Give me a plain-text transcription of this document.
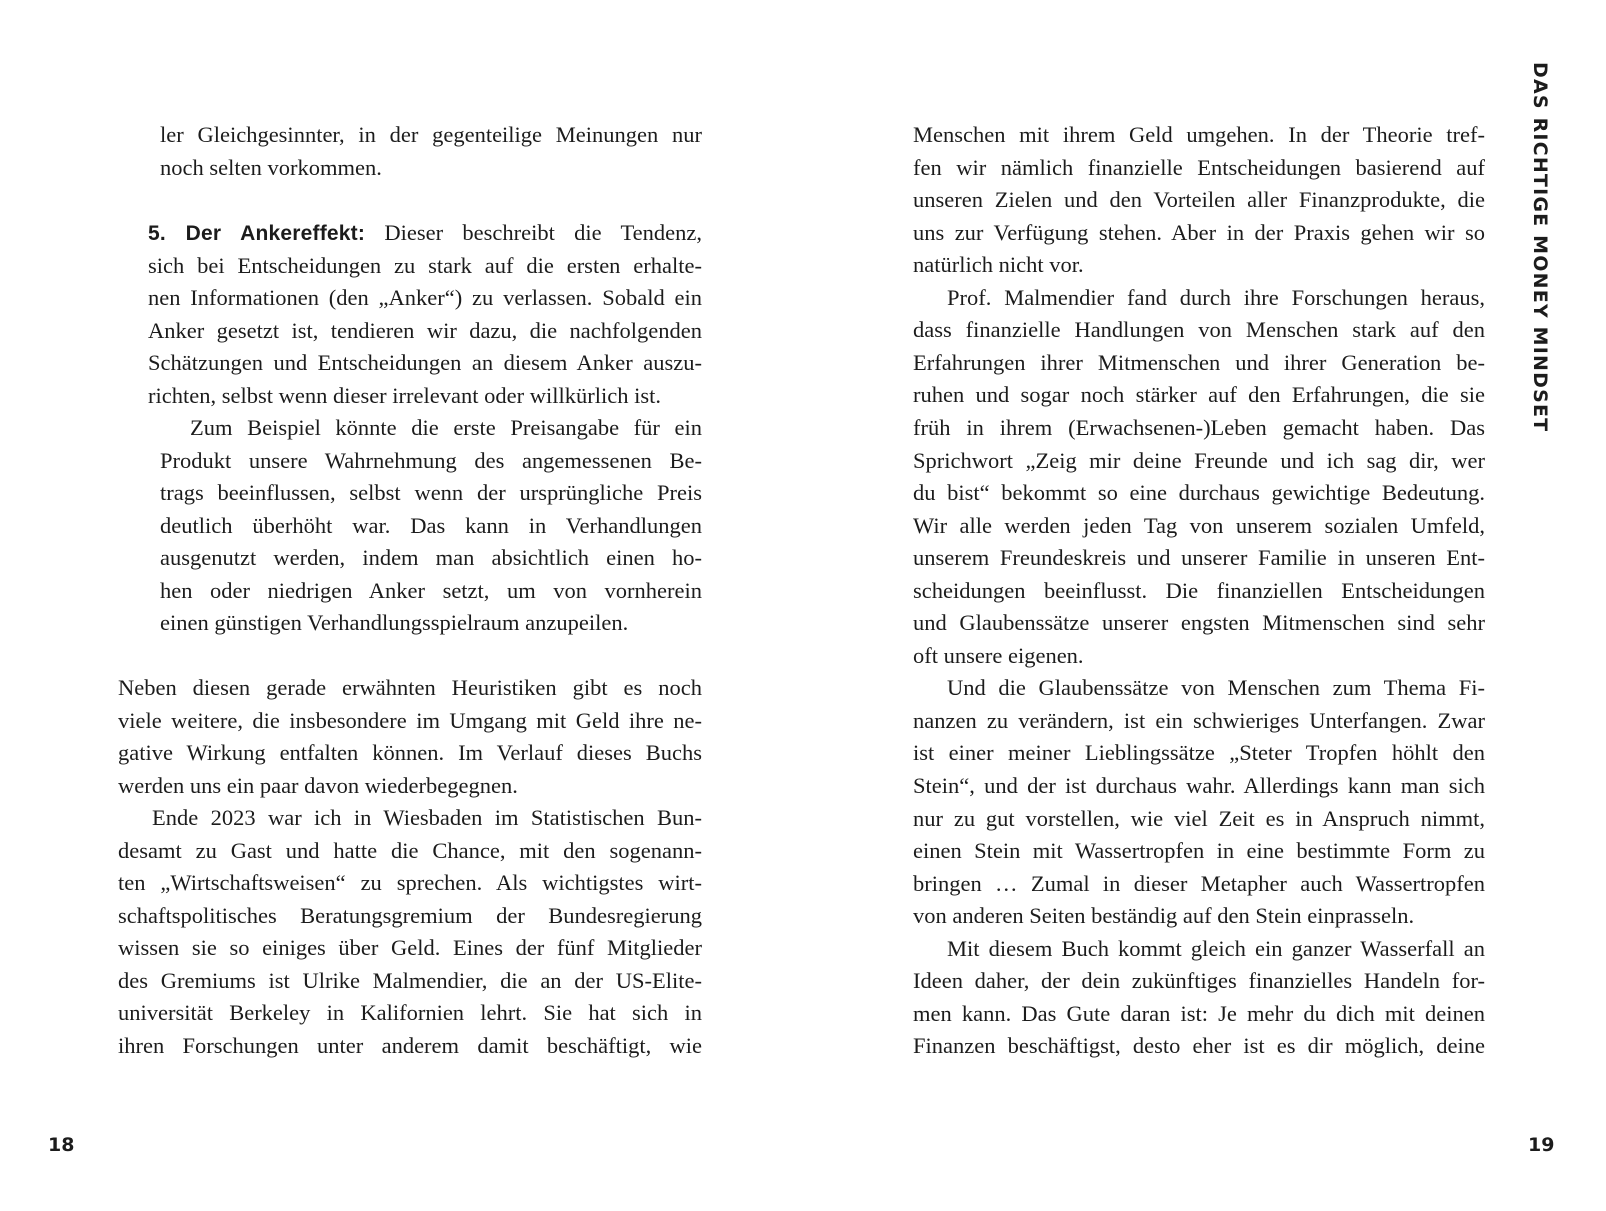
ler Gleichgesinnter, in der gegenteilige Meinungen nur
noch selten vorkommen.
5. Der Ankereffekt: Dieser beschreibt die Tendenz,
sich bei Entscheidungen zu stark auf die ersten erhalte-
nen Informationen (den „Anker“) zu verlassen. Sobald ein
Anker gesetzt ist, tendieren wir dazu, die nachfolgenden
Schätzungen und Entscheidungen an diesem Anker auszu-
richten, selbst wenn dieser irrelevant oder willkürlich ist.
Zum Beispiel könnte die erste Preisangabe für ein
Produkt unsere Wahrnehmung des angemessenen Be-
trags beeinflussen, selbst wenn der ursprüngliche Preis
deutlich überhöht war. Das kann in Verhandlungen
ausgenutzt werden, indem man absichtlich einen ho-
hen oder niedrigen Anker setzt, um von vornherein
einen günstigen Verhandlungsspielraum anzupeilen.
Neben diesen gerade erwähnten Heuristiken gibt es noch
viele weitere, die insbesondere im Umgang mit Geld ihre ne-
gative Wirkung entfalten können. Im Verlauf dieses Buchs
werden uns ein paar davon wiederbegegnen.
Ende 2023 war ich in Wiesbaden im Statistischen Bun-
desamt zu Gast und hatte die Chance, mit den sogenann-
ten „Wirtschaftsweisen“ zu sprechen. Als wichtigstes wirt-
schaftspolitisches Beratungsgremium der Bundesregierung
wissen sie so einiges über Geld. Eines der fünf Mitglieder
des Gremiums ist Ulrike Malmendier, die an der US-Elite-
universität Berkeley in Kalifornien lehrt. Sie hat sich in
ihren Forschungen unter anderem damit beschäftigt, wie
18
DAS RICHTIGE MONEY MINDSET
Menschen mit ihrem Geld umgehen. In der Theorie tref-
fen wir nämlich finanzielle Entscheidungen basierend auf
unseren Zielen und den Vorteilen aller Finanzprodukte, die
uns zur Verfügung stehen. Aber in der Praxis gehen wir so
natürlich nicht vor.
Prof. Malmendier fand durch ihre Forschungen heraus,
dass finanzielle Handlungen von Menschen stark auf den
Erfahrungen ihrer Mitmenschen und ihrer Generation be-
ruhen und sogar noch stärker auf den Erfahrungen, die sie
früh in ihrem (Erwachsenen-)Leben gemacht haben. Das
Sprichwort „Zeig mir deine Freunde und ich sag dir, wer
du bist“ bekommt so eine durchaus gewichtige Bedeutung.
Wir alle werden jeden Tag von unserem sozialen Umfeld,
unserem Freundeskreis und unserer Familie in unseren Ent-
scheidungen beeinflusst. Die finanziellen Entscheidungen
und Glaubenssätze unserer engsten Mitmenschen sind sehr
oft unsere eigenen.
Und die Glaubenssätze von Menschen zum Thema Fi-
nanzen zu verändern, ist ein schwieriges Unterfangen. Zwar
ist einer meiner Lieblingssätze „Steter Tropfen höhlt den
Stein“, und der ist durchaus wahr. Allerdings kann man sich
nur zu gut vorstellen, wie viel Zeit es in Anspruch nimmt,
einen Stein mit Wassertropfen in eine bestimmte Form zu
bringen … Zumal in dieser Metapher auch Wassertropfen
von anderen Seiten beständig auf den Stein einprasseln.
Mit diesem Buch kommt gleich ein ganzer Wasserfall an
Ideen daher, der dein zukünftiges finanzielles Handeln for-
men kann. Das Gute daran ist: Je mehr du dich mit deinen
Finanzen beschäftigst, desto eher ist es dir möglich, deine
19
